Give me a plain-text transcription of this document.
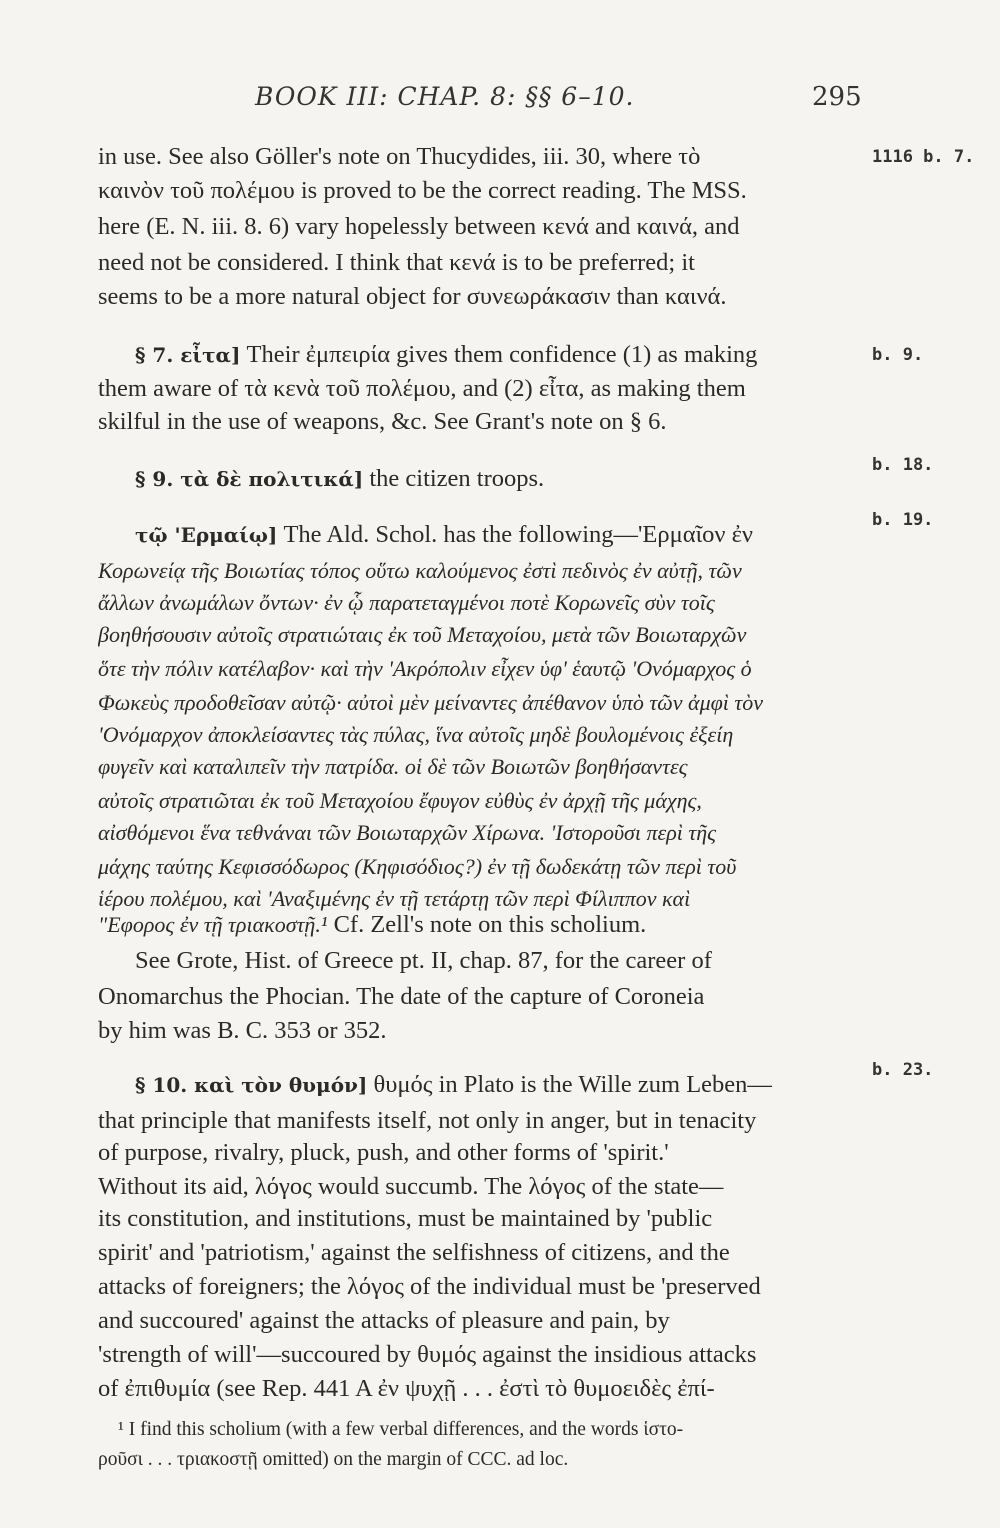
BOOK III: CHAP. 8: §§ 6–10.	295
in use. See also Göller's note on Thucydides, iii. 30, where τὸ	1116 b. 7.
καινὸν τοῦ πολέμου is proved to be the correct reading. The MSS.
here (E. N. iii. 8. 6) vary hopelessly between κενά and καινά, and
need not be considered. I think that κενά is to be preferred; it
seems to be a more natural object for συνεωράκασιν than καινά.
§ 7. εἶτα] Their ἐμπειρία gives them confidence (1) as making	b. 9.
them aware of τὰ κενὰ τοῦ πολέμου, and (2) εἶτα, as making them
skilful in the use of weapons, &c. See Grant's note on § 6.
§ 9. τὰ δὲ πολιτικά] the citizen troops.	b. 18.
τῷ 'Ερμαίῳ] The Ald. Schol. has the following—'Ερμαῖον ἐν
b. 19.
Κορωνείᾳ τῆς Βοιωτίας τόπος οὕτω καλούμενος ἐστὶ πεδινὸς ἐν αὐτῇ, τῶν
ἄλλων ἀνωμάλων ὄντων· ἐν ᾧ παρατεταγμένοι ποτὲ Κορωνεῖς σὺν τοῖς
βοηθήσουσιν αὐτοῖς στρατιώταις ἐκ τοῦ Μεταχοίου, μετὰ τῶν Βοιωταρχῶν
ὅτε τὴν πόλιν κατέλαβον· καὶ τὴν 'Ακρόπολιν εἶχεν ὑφ' ἑαυτῷ 'Ονόμαρχος ὁ
Φωκεὺς προδοθεῖσαν αὐτῷ· αὐτοὶ μὲν μείναντες ἀπέθανον ὑπὸ τῶν ἀμφὶ τὸν
'Ονόμαρχον ἀποκλείσαντες τὰς πύλας, ἵνα αὐτοῖς μηδὲ βουλομένοις ἐξείη
φυγεῖν καὶ καταλιπεῖν τὴν πατρίδα. οἱ δὲ τῶν Βοιωτῶν βοηθήσαντες
αὐτοῖς στρατιῶται ἐκ τοῦ Μεταχοίου ἔφυγον εὐθὺς ἐν ἀρχῇ τῆς μάχης,
αἰσθόμενοι ἕνα τεθνάναι τῶν Βοιωταρχῶν Χίρωνα. 'Ιστοροῦσι περὶ τῆς
μάχης ταύτης Κεφισσόδωρος (Κηφισόδιος?) ἐν τῇ δωδεκάτῃ τῶν περὶ τοῦ
ἱέρου πολέμου, καὶ 'Αναξιμένης ἐν τῇ τετάρτῃ τῶν περὶ Φίλιππον καὶ
"Εφορος ἐν τῇ τριακοστῇ.¹ Cf. Zell's note on this scholium.
See Grote, Hist. of Greece pt. II, chap. 87, for the career of
Onomarchus the Phocian. The date of the capture of Coroneia
by him was B. C. 353 or 352.
§ 10. καὶ τὸν θυμόν] θυμός in Plato is the Wille zum Leben—
b. 23.
that principle that manifests itself, not only in anger, but in tenacity
of purpose, rivalry, pluck, push, and other forms of 'spirit.'
Without its aid, λόγος would succumb. The λόγος of the state—
its constitution, and institutions, must be maintained by 'public
spirit' and 'patriotism,' against the selfishness of citizens, and the
attacks of foreigners; the λόγος of the individual must be 'preserved
and succoured' against the attacks of pleasure and pain, by
'strength of will'—succoured by θυμός against the insidious attacks
of ἐπιθυμία (see Rep. 441 A ἐν ψυχῇ . . . ἐστὶ τὸ θυμοειδὲς ἐπί-
¹ I find this scholium (with a few verbal differences, and the words ἱστο-
ροῦσι . . . τριακοστῇ omitted) on the margin of CCC. ad loc.
